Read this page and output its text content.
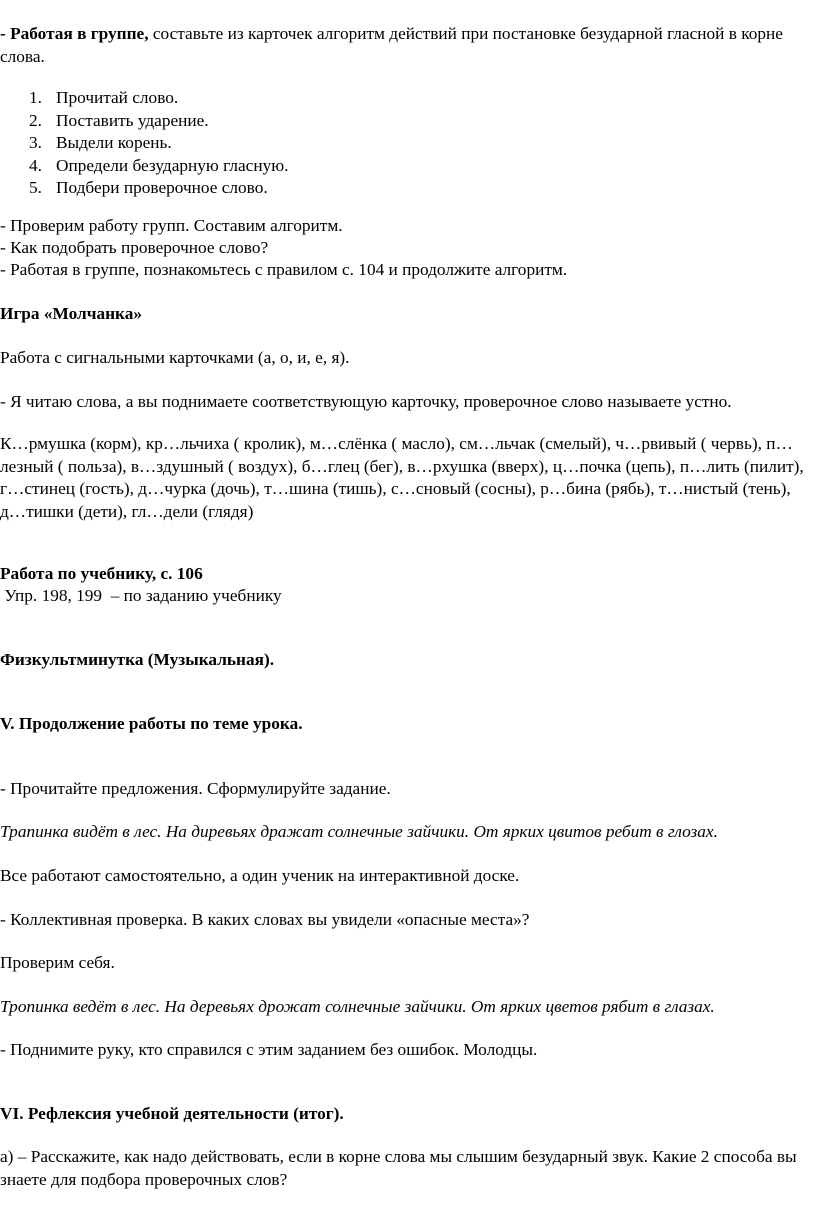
- Работая в группе, составьте из карточек алгоритм действий при постановке безударной гласной в корне слова.
1. Прочитай слово.
2. Поставить ударение.
3. Выдели корень.
4. Определи безударную гласную.
5. Подбери проверочное слово.
- Проверим работу групп. Составим алгоритм.
- Как подобрать проверочное слово?
- Работая в группе, познакомьтесь с правилом с. 104 и продолжите алгоритм.
Игра «Молчанка»
Работа с сигнальными карточками (а, о, и, е, я).
- Я читаю слова, а вы поднимаете соответствующую карточку, проверочное слово называете устно.
К…рмушка (корм), кр…льчиха ( кролик), м…слёнка ( масло), см…льчак (смелый), ч…рвивый ( червь), п…лезный ( польза), в…здушный ( воздух), б…глец (бег), в…рхушка (вверх), ц…почка (цепь), п…лить (пилит), г…стинец (гость), д…чурка (дочь), т…шина (тишь), с…сновый (сосны), р…бина (рябь), т…нистый (тень), д…тишки (дети), гл…дели (глядя)
Работа по учебнику, с. 106
Упр. 198, 199  – по заданию учебнику
Физкультминутка (Музыкальная).
V. Продолжение работы по теме урока.
- Прочитайте предложения. Сформулируйте задание.
Трапинка видёт в лес. На диревьях дражат солнечные зайчики. От ярких цвитов ребит в глозах.
Все работают самостоятельно, а один ученик на интерактивной доске.
- Коллективная проверка. В каких словах вы увидели «опасные места»?
Проверим себя.
Тропинка ведёт в лес. На деревьях дрожат солнечные зайчики. От ярких цветов рябит в глазах.
- Поднимите руку, кто справился с этим заданием без ошибок. Молодцы.
VI. Рефлексия учебной деятельности (итог).
а) – Расскажите, как надо действовать, если в корне слова мы слышим безударный звук. Какие 2 способа вы знаете для подбора проверочных слов?
